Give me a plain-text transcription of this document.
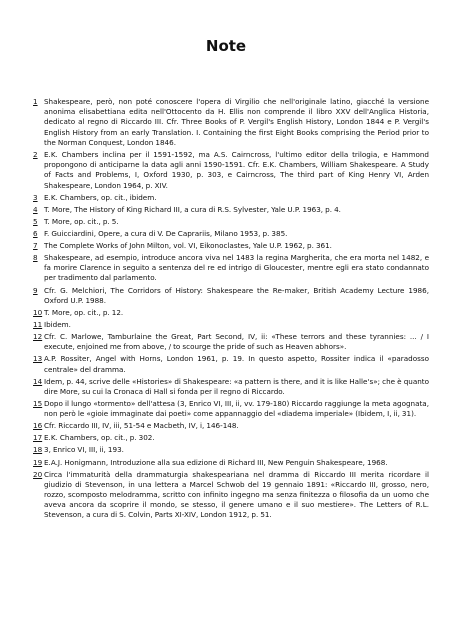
Note
1 Shakespeare, però, non poté conoscere l'opera di Virgilio che nell'originale latino, giacché la versione anonima elisabettiana edita nell'Ottocento da H. Ellis non comprende il libro XXV dell'Anglica Historia, dedicato al regno di Riccardo III. Cfr. Three Books of P. Vergil's English History, London 1844 e P. Vergil's English History from an early Translation. I. Containing the first Eight Books comprising the Period prior to the Norman Conquest, London 1846.
2 E.K. Chambers inclina per il 1591-1592, ma A.S. Cairncross, l'ultimo editor della trilogia, e Hammond propongono di anticiparne la data agli anni 1590-1591. Cfr. E.K. Chambers, William Shakespeare. A Study of Facts and Problems, I, Oxford 1930, p. 303, e Cairncross, The third part of King Henry VI, Arden Shakespeare, London 1964, p. XIV.
3 E.K. Chambers, op. cit., ibidem.
4 T. More, The History of King Richard III, a cura di R.S. Sylvester, Yale U.P. 1963, p. 4.
5 T. More, op. cit., p. 5.
6 F. Guicciardini, Opere, a cura di V. De Caprariis, Milano 1953, p. 385.
7 The Complete Works of John Milton, vol. VI, Eikonoclastes, Yale U.P. 1962, p. 361.
8 Shakespeare, ad esempio, introduce ancora viva nel 1483 la regina Margherita, che era morta nel 1482, e fa morire Clarence in seguito a sentenza del re ed intrigo di Gloucester, mentre egli era stato condannato per tradimento dal parlamento.
9 Cfr. G. Melchiori, The Corridors of History: Shakespeare the Re-maker, British Academy Lecture 1986, Oxford U.P. 1988.
10 T. More, op. cit., p. 12.
11 Ibidem.
12 Cfr. C. Marlowe, Tamburlaine the Great, Part Second, IV, ii: «These terrors and these tyrannies: ... / I execute, enjoined me from above, / to scourge the pride of such as Heaven abhors».
13 A.P. Rossiter, Angel with Horns, London 1961, p. 19. In questo aspetto, Rossiter indica il «paradosso centrale» del dramma.
14 Idem, p. 44, scrive delle «Histories» di Shakespeare: «a pattern is there, and it is like Halle's»; che è quanto dire More, su cui la Cronaca di Hall si fonda per il regno di Riccardo.
15 Dopo il lungo «tormento» dell'attesa (3, Enrico VI, III, ii, vv. 179-180) Riccardo raggiunge la meta agognata, non però le «gioie immaginate dai poeti» come appannaggio del «diadema imperiale» (Ibidem, I, ii, 31).
16 Cfr. Riccardo III, IV, iii, 51-54 e Macbeth, IV, i, 146-148.
17 E.K. Chambers, op. cit., p. 302.
18 3, Enrico VI, III, ii, 193.
19 E.A.J. Honigmann, Introduzione alla sua edizione di Richard III, New Penguin Shakespeare, 1968.
20 Circa l'immaturità della drammaturgia shakespeariana nel dramma di Riccardo III merita ricordare il giudizio di Stevenson, in una lettera a Marcel Schwob del 19 gennaio 1891: «Riccardo III, grosso, nero, rozzo, scomposto melodramma, scritto con infinito ingegno ma senza finitezza o filosofia da un uomo che aveva ancora da scoprire il mondo, se stesso, il genere umano e il suo mestiere». The Letters of R.L. Stevenson, a cura di S. Colvin, Parts XI-XIV, London 1912, p. 51.
